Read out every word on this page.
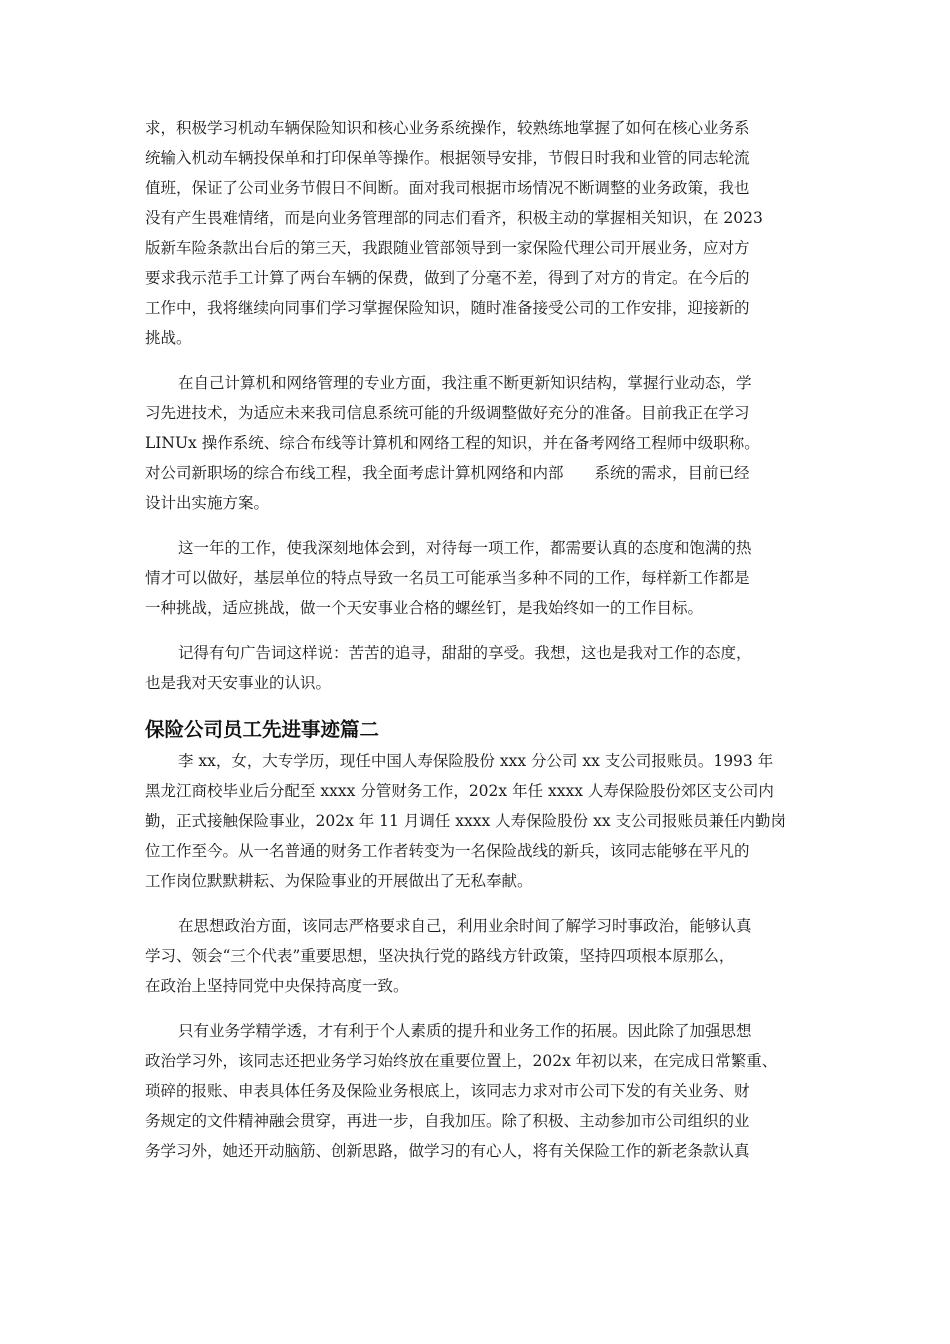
求，积极学习机动车辆保险知识和核心业务系统操作，较熟练地掌握了如何在核心业务系
统输入机动车辆投保单和打印保单等操作。根据领导安排，节假日时我和业管的同志轮流
值班，保证了公司业务节假日不间断。面对我司根据市场情况不断调整的业务政策，我也
没有产生畏难情绪，而是向业务管理部的同志们看齐，积极主动的掌握相关知识，在 2023
版新车险条款出台后的第三天，我跟随业管部领导到一家保险代理公司开展业务，应对方
要求我示范手工计算了两台车辆的保费，做到了分毫不差，得到了对方的肯定。在今后的
工作中，我将继续向同事们学习掌握保险知识，随时准备接受公司的工作安排，迎接新的
挑战。

在自己计算机和网络管理的专业方面，我注重不断更新知识结构，掌握行业动态，学
习先进技术，为适应未来我司信息系统可能的升级调整做好充分的准备。目前我正在学习
LINUx 操作系统、综合布线等计算机和网络工程的知识，并在备考网络工程师中级职称。
对公司新职场的综合布线工程，我全面考虑计算机网络和内部　　系统的需求，目前已经
设计出实施方案。

这一年的工作，使我深刻地体会到，对待每一项工作，都需要认真的态度和饱满的热
情才可以做好，基层单位的特点导致一名员工可能承当多种不同的工作，每样新工作都是
一种挑战，适应挑战，做一个天安事业合格的螺丝钉，是我始终如一的工作目标。

记得有句广告词这样说：苦苦的追寻，甜甜的享受。我想，这也是我对工作的态度，
也是我对天安事业的认识。

保险公司员工先进事迹篇二

李 xx，女，大专学历，现任中国人寿保险股份 xxx 分公司 xx 支公司报账员。1993 年
黑龙江商校毕业后分配至 xxxx 分管财务工作，202x 年任 xxxx 人寿保险股份郊区支公司内
勤，正式接触保险事业，202x 年 11 月调任 xxxx 人寿保险股份 xx 支公司报账员兼任内勤岗
位工作至今。从一名普通的财务工作者转变为一名保险战线的新兵，该同志能够在平凡的
工作岗位默默耕耘、为保险事业的开展做出了无私奉献。

在思想政治方面，该同志严格要求自己，利用业余时间了解学习时事政治，能够认真
学习、领会“三个代表”重要思想，坚决执行党的路线方针政策，坚持四项根本原那么，
在政治上坚持同党中央保持高度一致。

只有业务学精学透，才有利于个人素质的提升和业务工作的拓展。因此除了加强思想
政治学习外，该同志还把业务学习始终放在重要位置上，202x 年初以来，在完成日常繁重、
琐碎的报账、申表具体任务及保险业务根底上，该同志力求对市公司下发的有关业务、财
务规定的文件精神融会贯穿，再进一步，自我加压。除了积极、主动参加市公司组织的业
务学习外，她还开动脑筋、创新思路，做学习的有心人，将有关保险工作的新老条款认真
